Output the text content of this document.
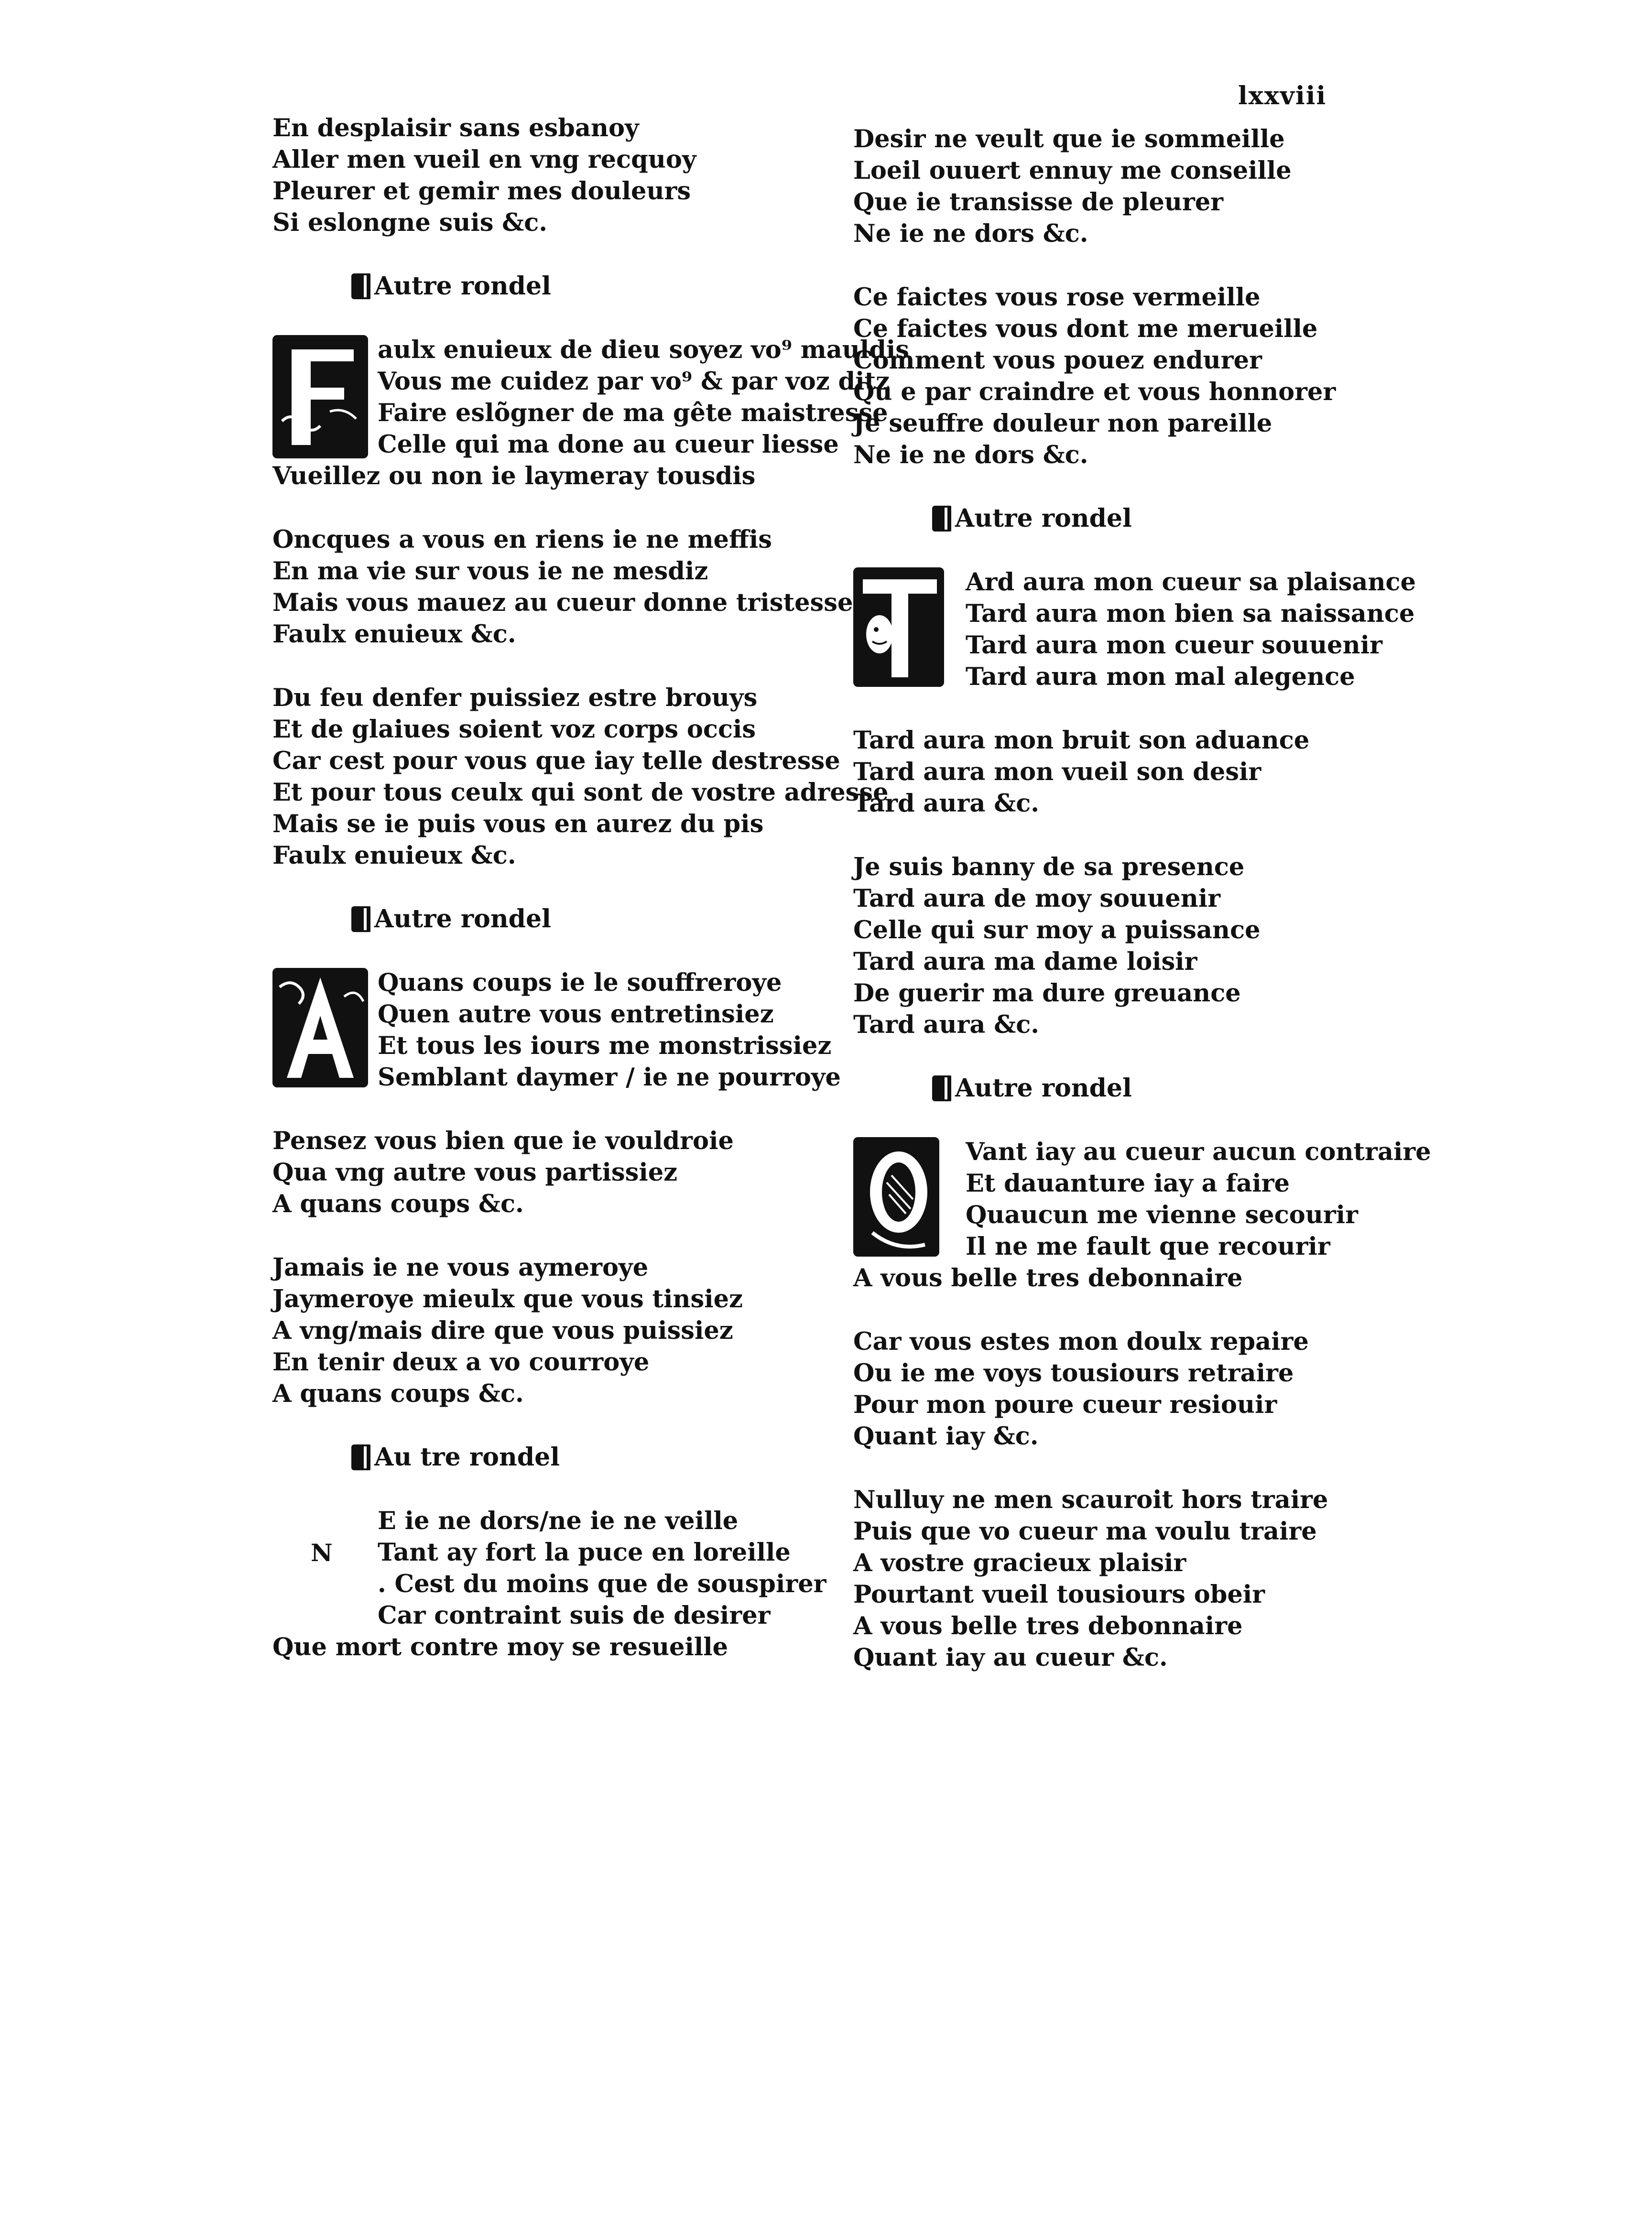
lxxviii
En desplaisir sans esbanoy
Aller men vueil en vng recquoy
Pleurer et gemir mes douleurs
Si eslongne suis &c.
Autre rondel
aulx enuieux de dieu soyez vo⁹ mauldis
Vous me cuidez par vo⁹ & par voz ditz
Faire eslõgner de ma gête maistresse
Celle qui ma done au cueur liesse
Vueillez ou non ie laymeray tousdis
Oncques a vous en riens ie ne meffis
En ma vie sur vous ie ne mesdiz
Mais vous mauez au cueur donne tristesse
Faulx enuieux &c.
Du feu denfer puissiez estre brouys
Et de glaiues soient voz corps occis
Car cest pour vous que iay telle destresse
Et pour tous ceulx qui sont de vostre adresse
Mais se ie puis vous en aurez du pis
Faulx enuieux &c.
Autre rondel
Quans coups ie le souffreroye
Quen autre vous entretinsiez
Et tous les iours me monstrissiez
Semblant daymer / ie ne pourroye
Pensez vous bien que ie vouldroie
Qua vng autre vous partissiez
A quans coups &c.
Jamais ie ne vous aymeroye
Jaymeroye mieulx que vous tinsiez
A vng/mais dire que vous puissiez
En tenir deux a vo courroye
A quans coups &c.
Au tre rondel
N
E ie ne dors/ne ie ne veille
Tant ay fort la puce en loreille
. Cest du moins que de souspirer
Car contraint suis de desirer
Que mort contre moy se resueille
Desir ne veult que ie sommeille
Loeil ouuert ennuy me conseille
Que ie transisse de pleurer
Ne ie ne dors &c.
Ce faictes vous rose vermeille
Ce faictes vous dont me merueille
Comment vous pouez endurer
Qu e par craindre et vous honnorer
Je seuffre douleur non pareille
Ne ie ne dors &c.
Autre rondel
Ard aura mon cueur sa plaisance
Tard aura mon bien sa naissance
Tard aura mon cueur souuenir
Tard aura mon mal alegence
Tard aura mon bruit son aduance
Tard aura mon vueil son desir
Tard aura &c.
Je suis banny de sa presence
Tard aura de moy souuenir
Celle qui sur moy a puissance
Tard aura ma dame loisir
De guerir ma dure greuance
Tard aura &c.
Autre rondel
Vant iay au cueur aucun contraire
Et dauanture iay a faire
Quaucun me vienne secourir
Il ne me fault que recourir
A vous belle tres debonnaire
Car vous estes mon doulx repaire
Ou ie me voys tousiours retraire
Pour mon poure cueur resiouir
Quant iay &c.
Nulluy ne men scauroit hors traire
Puis que vo cueur ma voulu traire
A vostre gracieux plaisir
Pourtant vueil tousiours obeir
A vous belle tres debonnaire
Quant iay au cueur &c.
